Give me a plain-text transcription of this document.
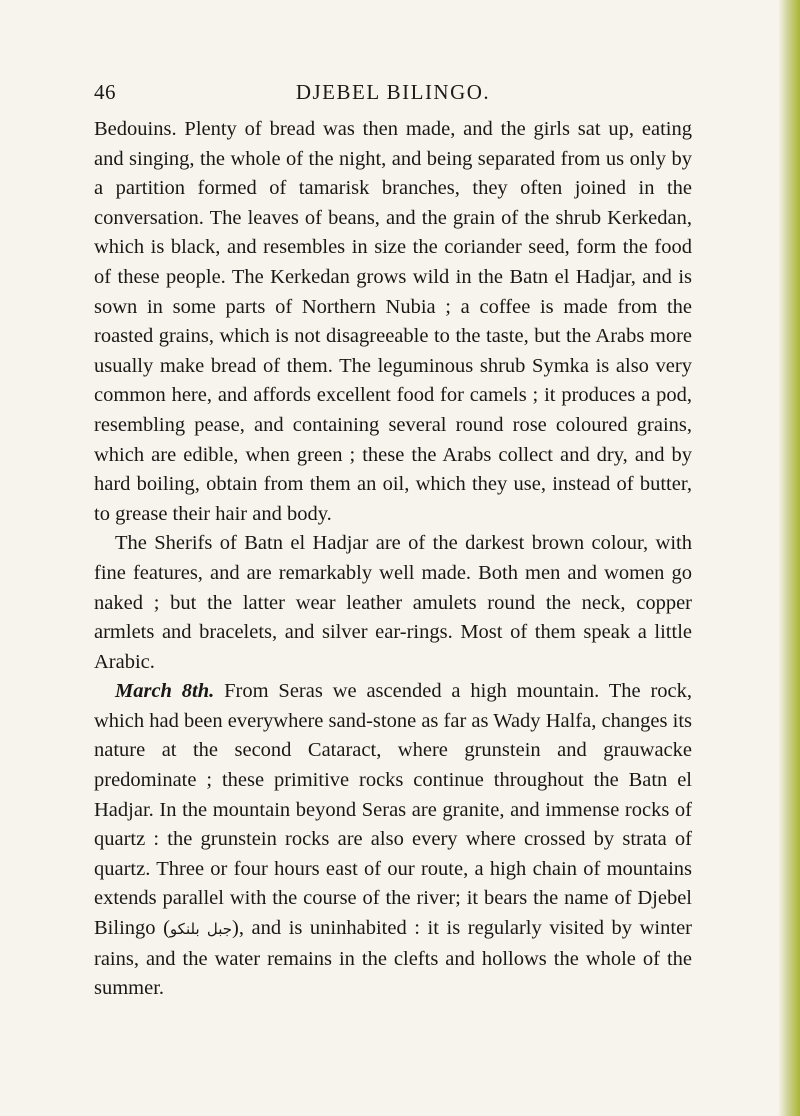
46	DJEBEL BILINGO.

Bedouins. Plenty of bread was then made, and the girls sat up, eating and singing, the whole of the night, and being separated from us only by a partition formed of tamarisk branches, they often joined in the conversation. The leaves of beans, and the grain of the shrub Kerkedan, which is black, and resembles in size the coriander seed, form the food of these people. The Kerkedan grows wild in the Batn el Hadjar, and is sown in some parts of Northern Nubia ; a coffee is made from the roasted grains, which is not disagreeable to the taste, but the Arabs more usually make bread of them. The leguminous shrub Symka is also very common here, and affords excellent food for camels ; it produces a pod, resembling pease, and containing several round rose coloured grains, which are edible, when green ; these the Arabs collect and dry, and by hard boiling, obtain from them an oil, which they use, instead of butter, to grease their hair and body.

The Sherifs of Batn el Hadjar are of the darkest brown colour, with fine features, and are remarkably well made. Both men and women go naked ; but the latter wear leather amulets round the neck, copper armlets and bracelets, and silver ear-rings. Most of them speak a little Arabic.

March 8th. From Seras we ascended a high mountain. The rock, which had been everywhere sand-stone as far as Wady Halfa, changes its nature at the second Cataract, where grunstein and grauwacke predominate ; these primitive rocks continue throughout the Batn el Hadjar. In the mountain beyond Seras are granite, and immense rocks of quartz : the grunstein rocks are also every where crossed by strata of quartz. Three or four hours east of our route, a high chain of mountains extends parallel with the course of the river; it bears the name of Djebel Bilingo (جبل بلنكو), and is uninhabited : it is regularly visited by winter rains, and the water remains in the clefts and hollows the whole of the summer.
